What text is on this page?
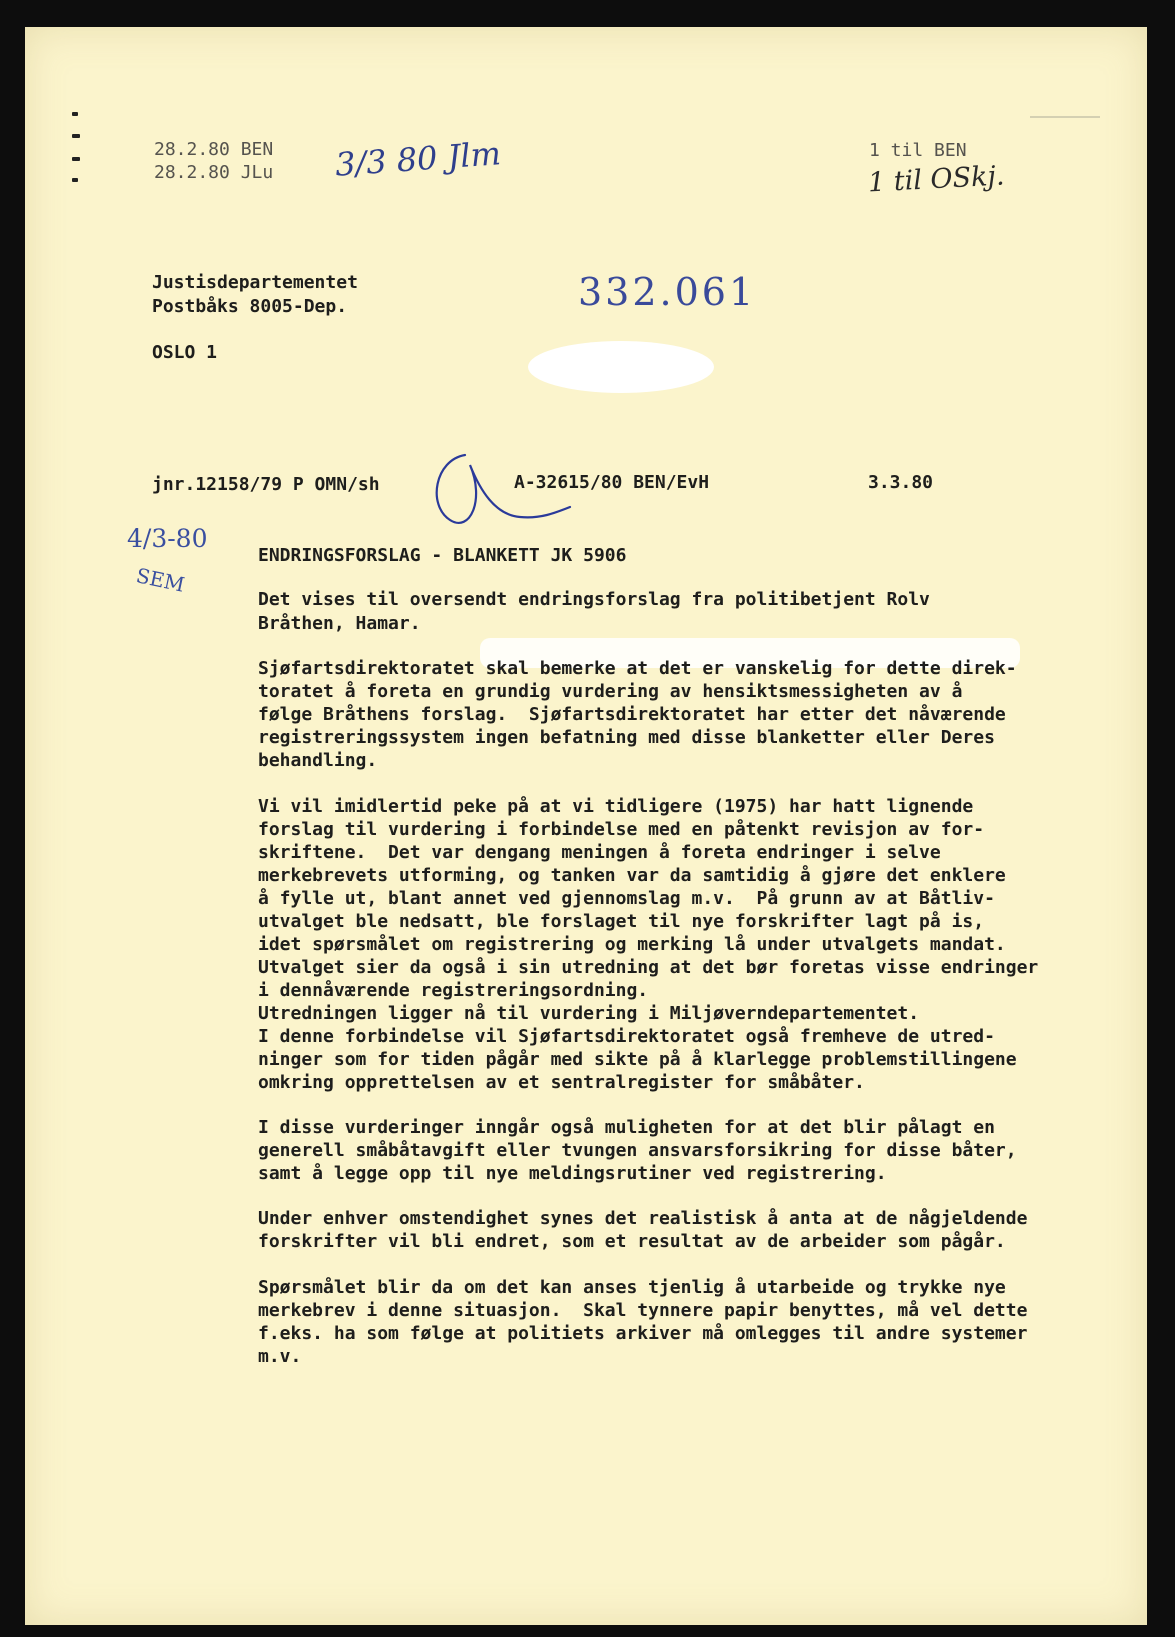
28.2.80 BEN
28.2.80 JLu
1 til BEN
3/3 80 Jlm	1 til OSkj.
Justisdepartementet
Postbåks 8005-Dep.
OSLO 1
332.061
jnr.12158/79 P OMN/sh	A-32615/80 BEN/EvH	3.3.80
4/3-80
SEM
ENDRINGSFORSLAG - BLANKETT JK 5906
Det vises til oversendt endringsforslag fra politibetjent Rolv
Bråthen, Hamar.
Sjøfartsdirektoratet skal bemerke at det er vanskelig for dette direk-
toratet å foreta en grundig vurdering av hensiktsmessigheten av å
følge Bråthens forslag.  Sjøfartsdirektoratet har etter det nåværende
registreringssystem ingen befatning med disse blanketter eller Deres
behandling.
Vi vil imidlertid peke på at vi tidligere (1975) har hatt lignende
forslag til vurdering i forbindelse med en påtenkt revisjon av for-
skriftene.  Det var dengang meningen å foreta endringer i selve
merkebrevets utforming, og tanken var da samtidig å gjøre det enklere
å fylle ut, blant annet ved gjennomslag m.v.  På grunn av at Båtliv-
utvalget ble nedsatt, ble forslaget til nye forskrifter lagt på is,
idet spørsmålet om registrering og merking lå under utvalgets mandat.
Utvalget sier da også i sin utredning at det bør foretas visse endringer
i dennåværende registreringsordning.
Utredningen ligger nå til vurdering i Miljøverndepartementet.
I denne forbindelse vil Sjøfartsdirektoratet også fremheve de utred-
ninger som for tiden pågår med sikte på å klarlegge problemstillingene
omkring opprettelsen av et sentralregister for småbåter.
I disse vurderinger inngår også muligheten for at det blir pålagt en
generell småbåtavgift eller tvungen ansvarsforsikring for disse båter,
samt å legge opp til nye meldingsrutiner ved registrering.
Under enhver omstendighet synes det realistisk å anta at de någjeldende
forskrifter vil bli endret, som et resultat av de arbeider som pågår.
Spørsmålet blir da om det kan anses tjenlig å utarbeide og trykke nye
merkebrev i denne situasjon.  Skal tynnere papir benyttes, må vel dette
f.eks. ha som følge at politiets arkiver må omlegges til andre systemer
m.v.
